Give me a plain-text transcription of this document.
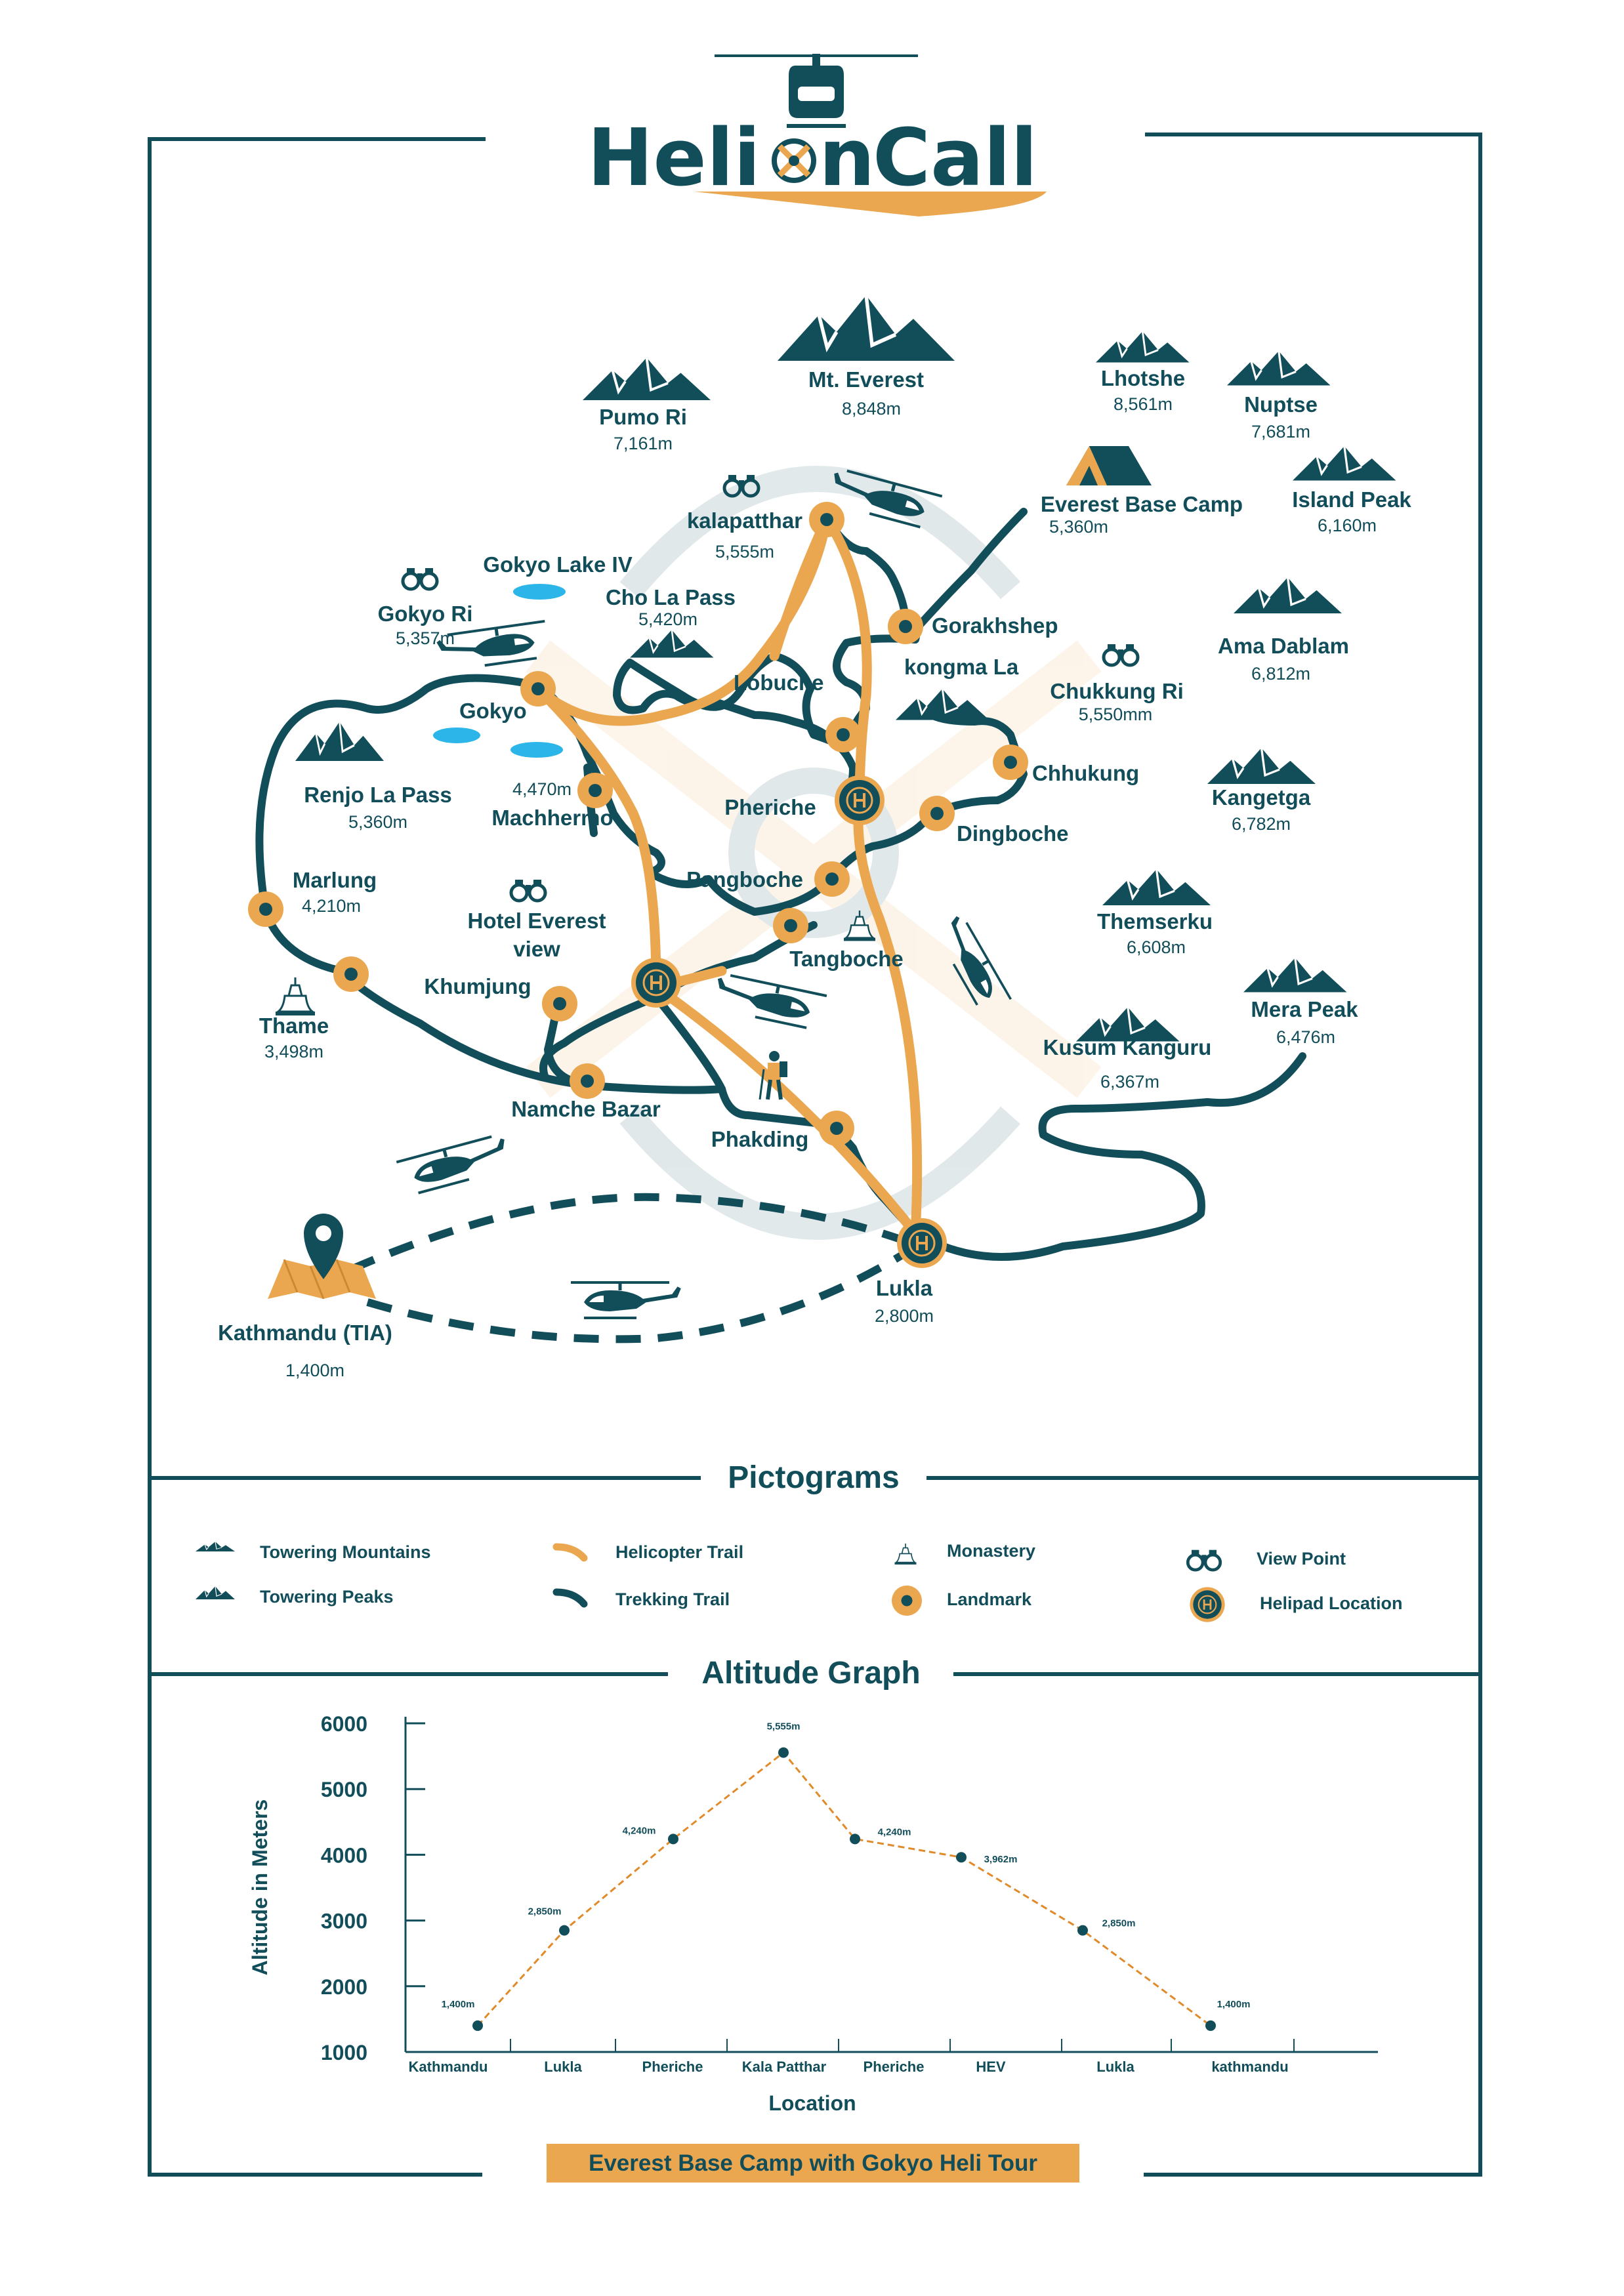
Heli n
Call
Mt. Everest
8,848m
Lhotshe
8,561m	Nuptse
7,681m
Pumo Ri
7,161m
Island Peak
6,160m
Ama Dablam
6,812m
Kangetga
6,782m
Themserku
6,608m
Mera Peak
6,476m
Kusum Kanguru
6,367m
Everest Base Camp
5,360m
kalapatthar
5,555m
Gokyo Lake IV
Gokyo Ri
5,357m
Cho La Pass
5,420m	Gorakhshep
Lobuche
kongma La
Chukkung Ri
5,550mm
Gokyo
Chhukung
Renjo La Pass
5,360m
4,470m
Machhermo	Pheriche
Dingboche
Marlung
4,210m
Pangboche
Hotel Everest
view	Tangboche
Khumjung
Thame
3,498m
Namche Bazar
Phakding
Lukla
2,800m
Kathmandu (TIA)
1,400m
Pictograms
Towering Mountains
Towering Peaks
Helicopter Trail
Trekking Trail
Monastery
Landmark
View Point
Helipad Location
Altitude Graph
1000
2000
3000
4000
5000
6000
Kathmandu	Lukla	Pheriche	Kala Patthar	Pheriche	HEV	Lukla	kathmandu
1,400m
2,850m
4,240m
5,555m
4,240m
3,962m
2,850m
1,400m
Location
Altitude in Meters
Everest Base Camp with Gokyo Heli Tour
